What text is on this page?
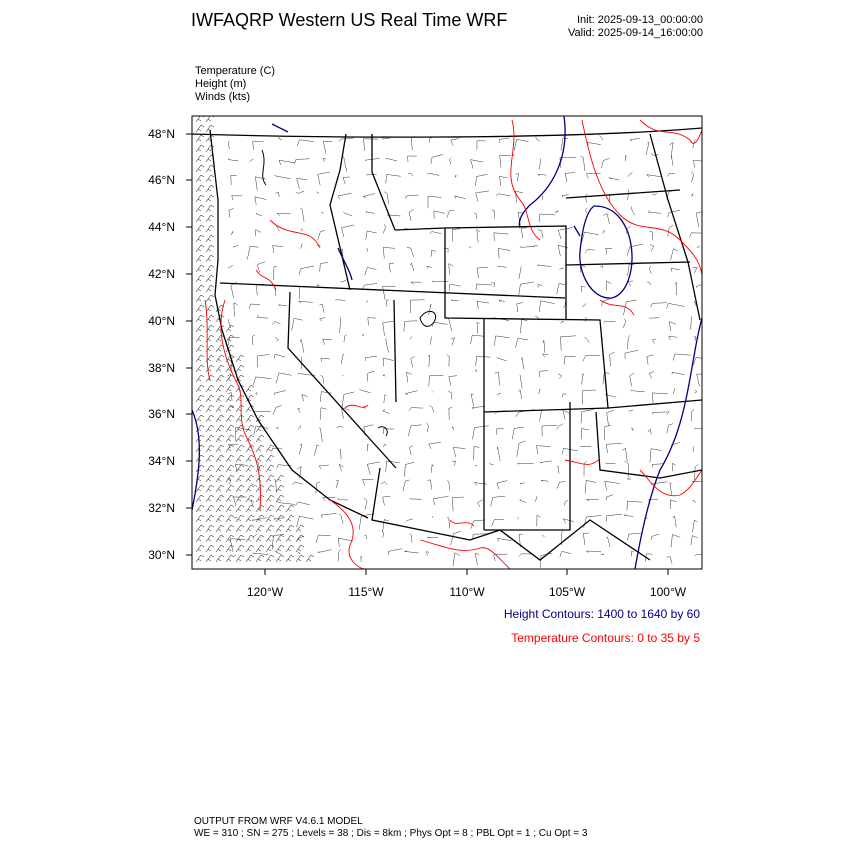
IWFAQRP Western US Real Time WRF	Init: 2025-09-13_00:00:00
Valid: 2025-09-14_16:00:00
Temperature (C)
Height (m)
Winds (kts)
48°N
46°N
44°N
42°N
40°N
38°N
36°N
34°N
32°N
30°N
120°W	115°W	110°W	105°W	100°W
Height Contours: 1400 to 1640 by 60
Temperature Contours: 0 to 35 by 5
OUTPUT FROM WRF V4.6.1 MODEL
WE = 310 ; SN = 275 ; Levels = 38 ; Dis = 8km ; Phys Opt = 8 ; PBL Opt = 1 ; Cu Opt = 3
